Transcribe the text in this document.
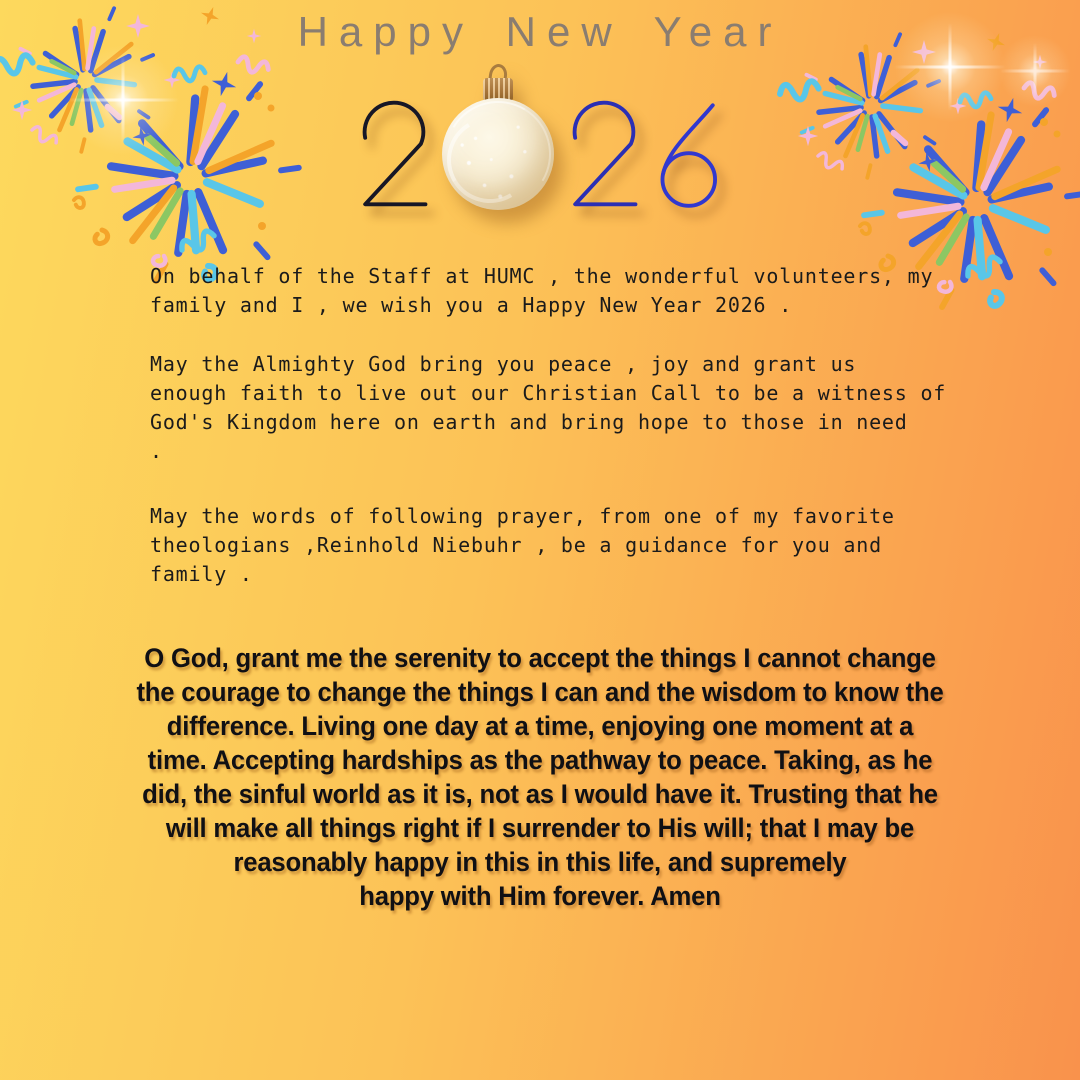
Happy New Year
On behalf of the Staff at HUMC , the wonderful volunteers, my
family and I , we wish you a Happy New Year 2026 .
May the Almighty God bring you peace , joy and grant us
enough faith to live out our Christian Call to be a witness of
God's Kingdom here on earth and bring hope to those in need
.
May the words of following prayer, from one of my favorite
theologians ,Reinhold Niebuhr , be a guidance for you and
family .
O God, grant me the serenity to accept the things I cannot change
the courage to change the things I can and the wisdom to know the
difference. Living one day at a time, enjoying one moment at a
time. Accepting hardships as the pathway to peace. Taking, as he
did, the sinful world as it is, not as I would have it. Trusting that he
will make all things right if I surrender to His will; that I may be
reasonably happy in this in this life, and supremely
happy with Him forever. Amen
